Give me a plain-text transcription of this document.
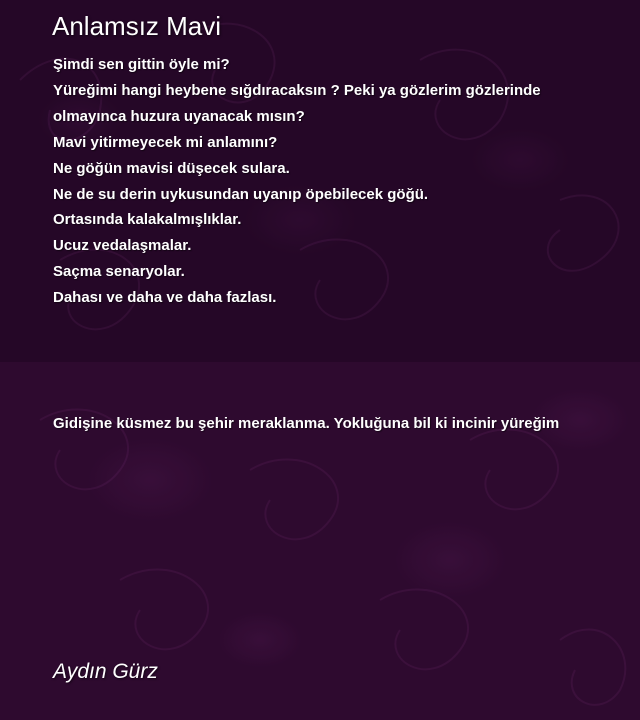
Anlamsız Mavi
Şimdi sen gittin öyle mi?
Yüreğimi hangi heybene sığdıracaksın ? Peki ya gözlerim gözlerinde
olmayınca huzura uyanacak mısın?
Mavi yitirmeyecek mi anlamını?
Ne göğün mavisi düşecek sulara.
Ne de su derin uykusundan uyanıp öpebilecek göğü.
Ortasında kalakalmışlıklar.
Ucuz vedalaşmalar.
Saçma senaryolar.
Dahası ve daha ve daha fazlası.

Gidişine küsmez bu şehir meraklanma. Yokluğuna bil ki incinir yüreğim

Aydın Gürz
